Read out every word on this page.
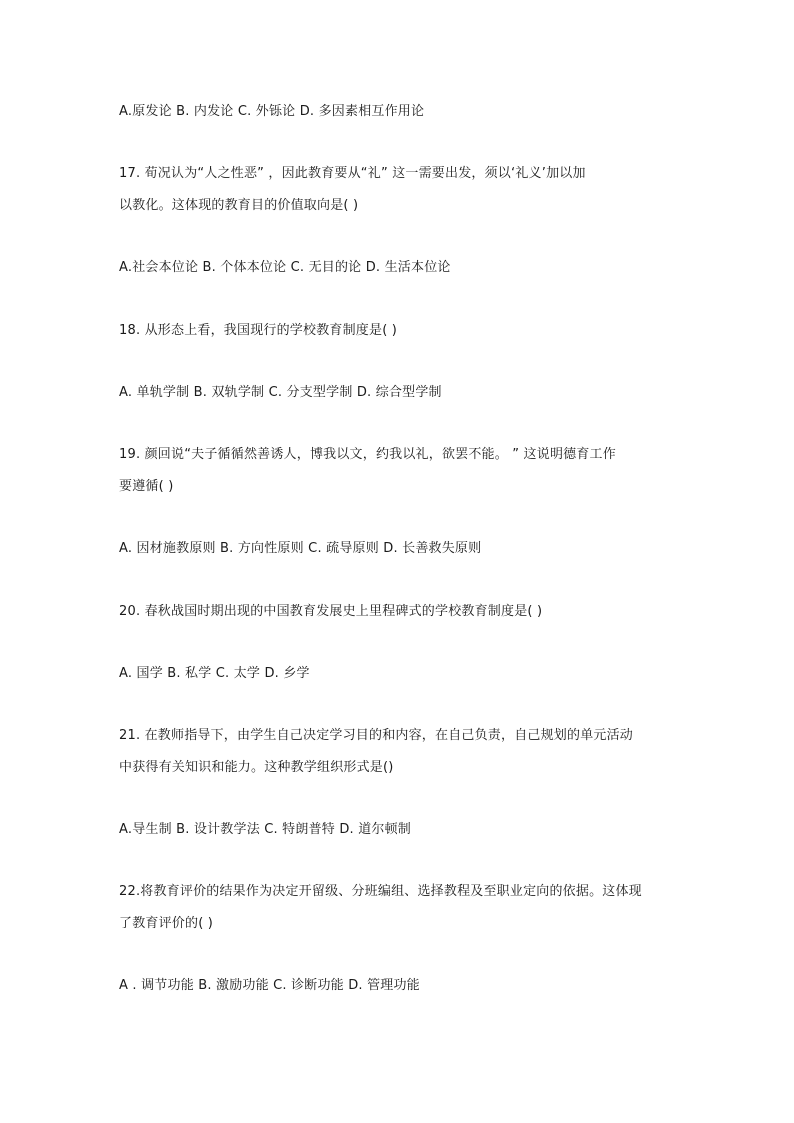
A.原发论 B. 内发论 C. 外铄论 D. 多因素相互作用论
17. 荀况认为“人之性恶” ，因此教育要从“礼” 这一需要出发，须以‘礼义’加以加
以教化。这体现的教育目的价值取向是( )
A.社会本位论 B. 个体本位论 C. 无目的论 D. 生活本位论
18. 从形态上看，我国现行的学校教育制度是( )
A. 单轨学制 B. 双轨学制 C. 分支型学制 D. 综合型学制
19. 颜回说“夫子循循然善诱人，博我以文，约我以礼，欲罢不能。 ” 这说明德育工作
要遵循( )
A. 因材施教原则 B. 方向性原则 C. 疏导原则 D. 长善救失原则
20. 春秋战国时期出现的中国教育发展史上里程碑式的学校教育制度是( )
A. 国学 B. 私学 C. 太学 D. 乡学
21. 在教师指导下，由学生自己决定学习目的和内容，在自己负责，自己规划的单元活动
中获得有关知识和能力。这种教学组织形式是()
A.导生制 B. 设计教学法 C. 特朗普特 D. 道尔顿制
22.将教育评价的结果作为决定开留级、分班编组、选择教程及至职业定向的依据。这体现
了教育评价的( )
A . 调节功能 B. 激励功能 C. 诊断功能 D. 管理功能
